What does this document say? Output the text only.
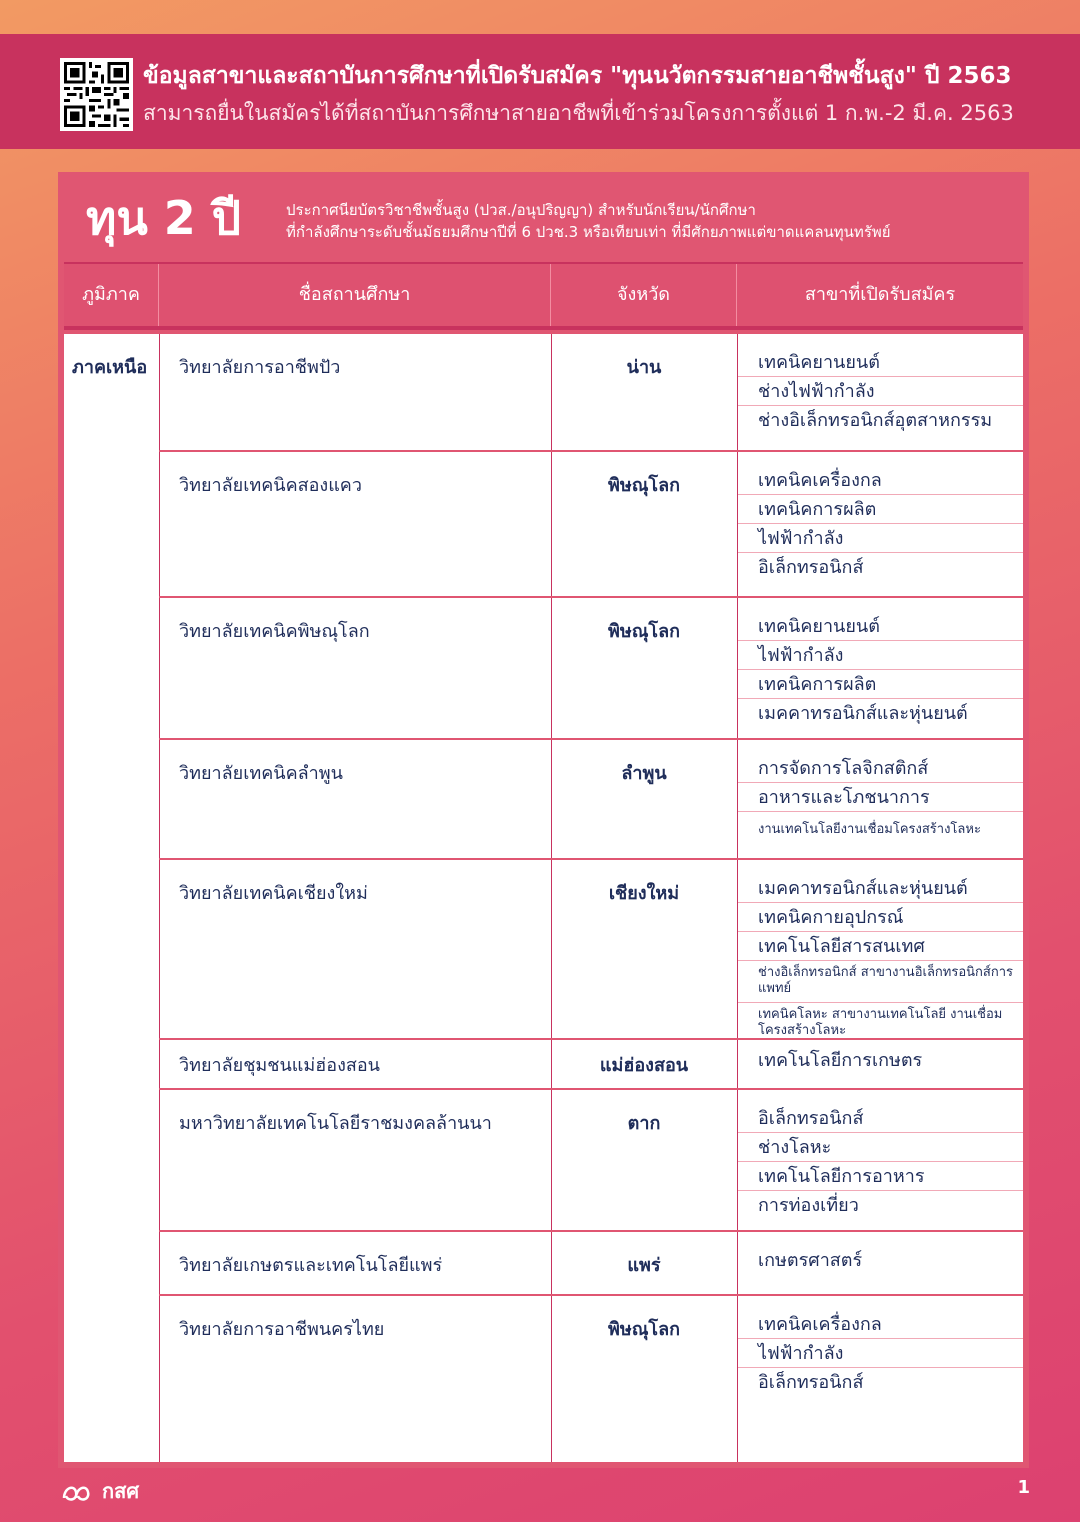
ข้อมูลสาขาและสถาบันการศึกษาที่เปิดรับสมัคร "ทุนนวัตกรรมสายอาชีพชั้นสูง" ปี 2563
สามารถยื่นในสมัครได้ที่สถาบันการศึกษาสายอาชีพที่เข้าร่วมโครงการตั้งแต่ 1 ก.พ.-2 มี.ค. 2563
ทุน 2 ปี	ประกาศนียบัตรวิชาชีพชั้นสูง (ปวส./อนุปริญญา) สำหรับนักเรียน/นักศึกษา
ที่กำลังศึกษาระดับชั้นมัธยมศึกษาปีที่ 6 ปวช.3 หรือเทียบเท่า ที่มีศักยภาพแต่ขาดแคลนทุนทรัพย์
ภูมิภาค	ชื่อสถานศึกษา	จังหวัด	สาขาที่เปิดรับสมัคร
ภาคเหนือ วิทยาลัยการอาชีพปัว	น่าน	เทคนิคยานยนต์
ช่างไฟฟ้ากำลัง
ช่างอิเล็กทรอนิกส์อุตสาหกรรม
วิทยาลัยเทคนิคสองแคว	พิษณุโลก	เทคนิคเครื่องกล
เทคนิคการผลิต
ไฟฟ้ากำลัง
อิเล็กทรอนิกส์
วิทยาลัยเทคนิคพิษณุโลก	พิษณุโลก	เทคนิคยานยนต์
ไฟฟ้ากำลัง
เทคนิคการผลิต
เมคคาทรอนิกส์และหุ่นยนต์
วิทยาลัยเทคนิคลำพูน	ลำพูน	การจัดการโลจิกสติกส์
อาหารและโภชนาการ
งานเทคโนโลยีงานเชื่อมโครงสร้างโลหะ
วิทยาลัยเทคนิคเชียงใหม่	เชียงใหม่	เมคคาทรอนิกส์และหุ่นยนต์
เทคนิคกายอุปกรณ์
เทคโนโลยีสารสนเทศ
ช่างอิเล็กทรอนิกส์ สาขางานอิเล็กทรอนิกส์การแพทย์
เทคนิคโลหะ สาขางานเทคโนโลยี งานเชื่อมโครงสร้างโลหะ
วิทยาลัยชุมชนแม่ฮ่องสอน	แม่ฮ่องสอน	เทคโนโลยีการเกษตร
มหาวิทยาลัยเทคโนโลยีราชมงคลล้านนา	ตาก	อิเล็กทรอนิกส์
ช่างโลหะ
เทคโนโลยีการอาหาร
การท่องเที่ยว
วิทยาลัยเกษตรและเทคโนโลยีแพร่	แพร่	เกษตรศาสตร์
วิทยาลัยการอาชีพนครไทย	พิษณุโลก	เทคนิคเครื่องกล
ไฟฟ้ากำลัง
อิเล็กทรอนิกส์
กสศ	1
